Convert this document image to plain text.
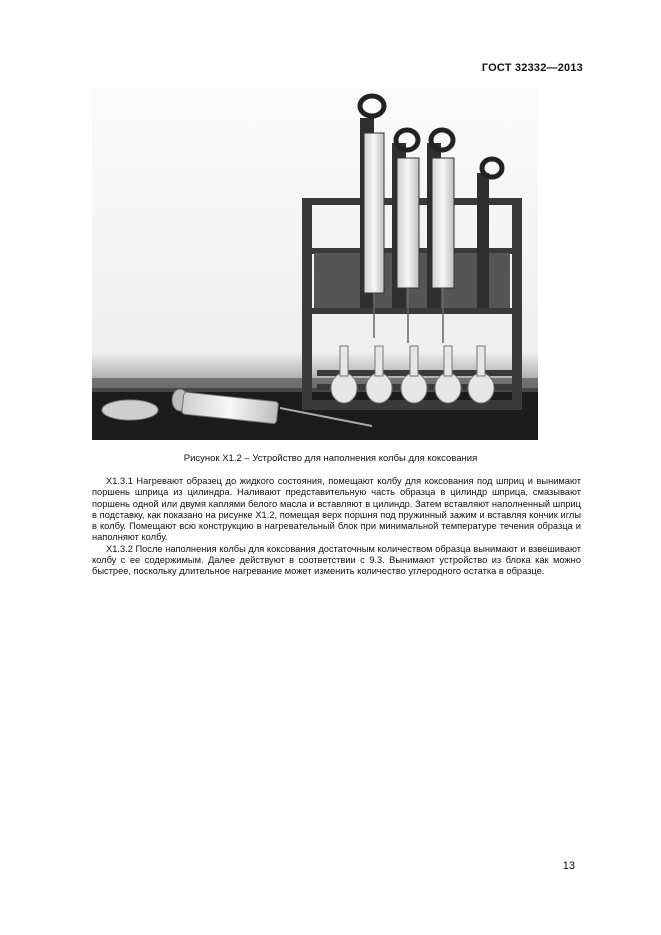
ГОСТ 32332—2013
Рисунок Х1.2 – Устройство для наполнения колбы для коксования

Х1.3.1 Нагревают образец до жидкого состояния, помещают колбу для коксования под шприц и вынимают поршень шприца из цилиндра. Наливают представительную часть образца в цилиндр шприца, смазывают поршень одной или двумя каплями белого масла и вставляют в цилиндр. Затем вставляют наполненный шприц в подставку, как показано на рисунке Х1.2, помещая верх поршня под пружинный зажим и вставляя кончик иглы в колбу. Помещают всю конструкцию в нагревательный блок при минимальной температуре течения образца и наполняют колбу.

Х1.3.2 После наполнения колбы для коксования достаточным количеством образца вынимают и взвешивают колбу с ее содержимым. Далее действуют в соответствии с 9.3. Вынимают устройство из блока как можно быстрее, поскольку длительное нагревание может изменить количество углеродного остатка в образце.

13
